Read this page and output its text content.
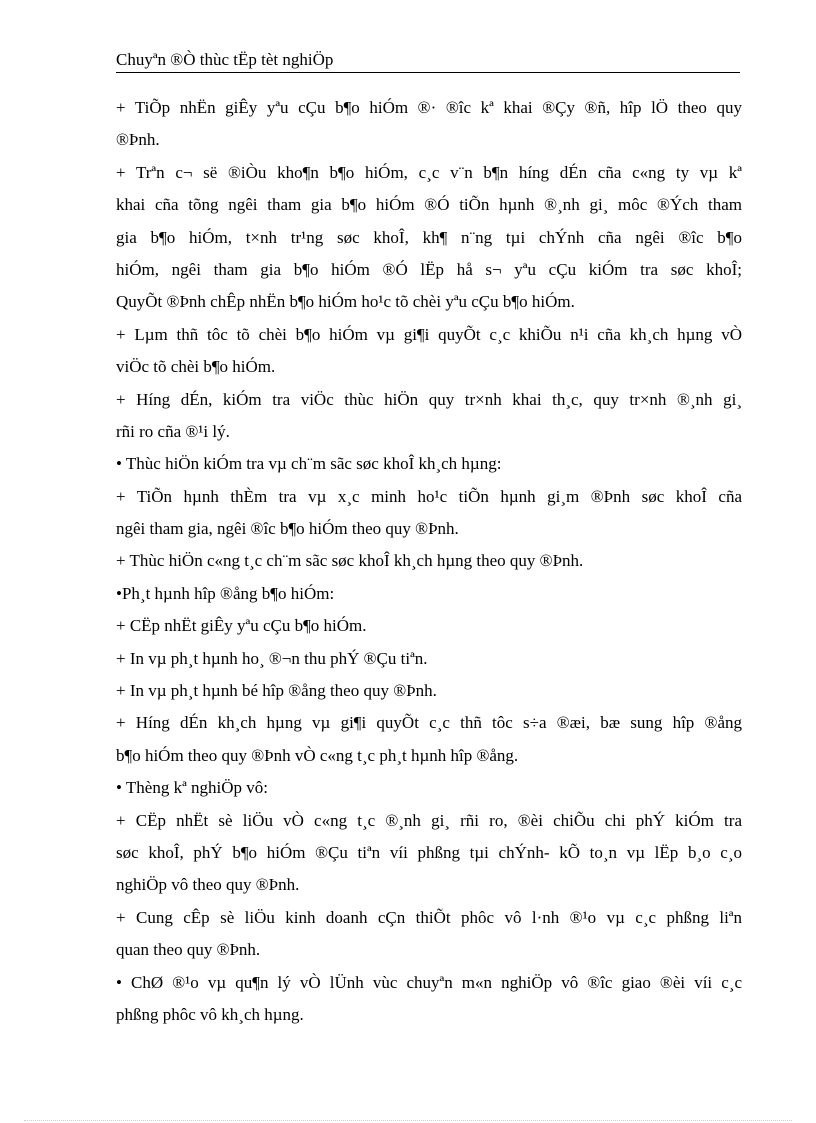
Chuyªn ®Ò thùc tËp tèt nghiÖp
+ TiÕp nhËn giÊy yªu cÇu b¶o hiÓm ®· ®îc kª khai ®Çy ®ñ, hîp lÖ theo quy
®Þnh.
+ Trªn c¬ së ®iÒu kho¶n b¶o hiÓm, c¸c v¨n b¶n híng dÉn cña c«ng ty vµ kª
khai cña tõng ngêi tham gia b¶o hiÓm ®Ó tiÕn hµnh ®¸nh gi¸ môc ®Ých tham
gia b¶o hiÓm, t×nh tr¹ng søc khoÎ, kh¶ n¨ng tµi chÝnh cña ngêi ®îc b¶o
hiÓm, ngêi tham gia b¶o hiÓm ®Ó lËp hå s¬ yªu cÇu kiÓm tra søc khoÎ;
QuyÕt ®Þnh chÊp nhËn b¶o hiÓm ho¹c tõ chèi yªu cÇu b¶o hiÓm.
+ Lµm thñ tôc tõ chèi b¶o hiÓm vµ gi¶i quyÕt c¸c khiÕu n¹i cña kh¸ch hµng vÒ
viÖc tõ chèi b¶o hiÓm.
+ Híng dÉn, kiÓm tra viÖc thùc hiÖn quy tr×nh khai th¸c, quy tr×nh ®¸nh gi¸
rñi ro cña ®¹i lý.
• Thùc hiÖn kiÓm tra vµ ch¨m sãc søc khoÎ kh¸ch hµng:
+ TiÕn hµnh thÈm tra vµ x¸c minh ho¹c tiÕn hµnh gi¸m ®Þnh søc khoÎ cña
ngêi tham gia, ngêi ®îc b¶o hiÓm theo quy ®Þnh.
+ Thùc hiÖn c«ng t¸c ch¨m sãc søc khoÎ kh¸ch hµng theo quy ®Þnh.
•Ph¸t hµnh hîp ®ång b¶o hiÓm:
+ CËp nhËt giÊy yªu cÇu b¶o hiÓm.
+ In vµ ph¸t hµnh ho¸ ®¬n thu phÝ ®Çu tiªn.
+ In vµ ph¸t hµnh bé hîp ®ång theo quy ®Þnh.
+ Híng dÉn kh¸ch hµng vµ gi¶i quyÕt c¸c thñ tôc s÷a ®æi, bæ sung hîp ®ång
b¶o hiÓm theo quy ®Þnh vÒ c«ng t¸c ph¸t hµnh hîp ®ång.
• Thèng kª nghiÖp vô:
+ CËp nhËt sè liÖu vÒ c«ng t¸c ®¸nh gi¸ rñi ro, ®èi chiÕu chi phÝ kiÓm tra
søc khoÎ, phÝ b¶o hiÓm ®Çu tiªn víi phßng tµi chÝnh- kÕ to¸n vµ lËp b¸o c¸o
nghiÖp vô theo quy ®Þnh.
+ Cung cÊp sè liÖu kinh doanh cÇn thiÕt phôc vô l·nh ®¹o vµ c¸c phßng liªn
quan theo quy ®Þnh.
• ChØ ®¹o vµ qu¶n lý vÒ lÜnh vùc chuyªn m«n nghiÖp vô ®îc giao ®èi víi c¸c
phßng phôc vô kh¸ch hµng.
